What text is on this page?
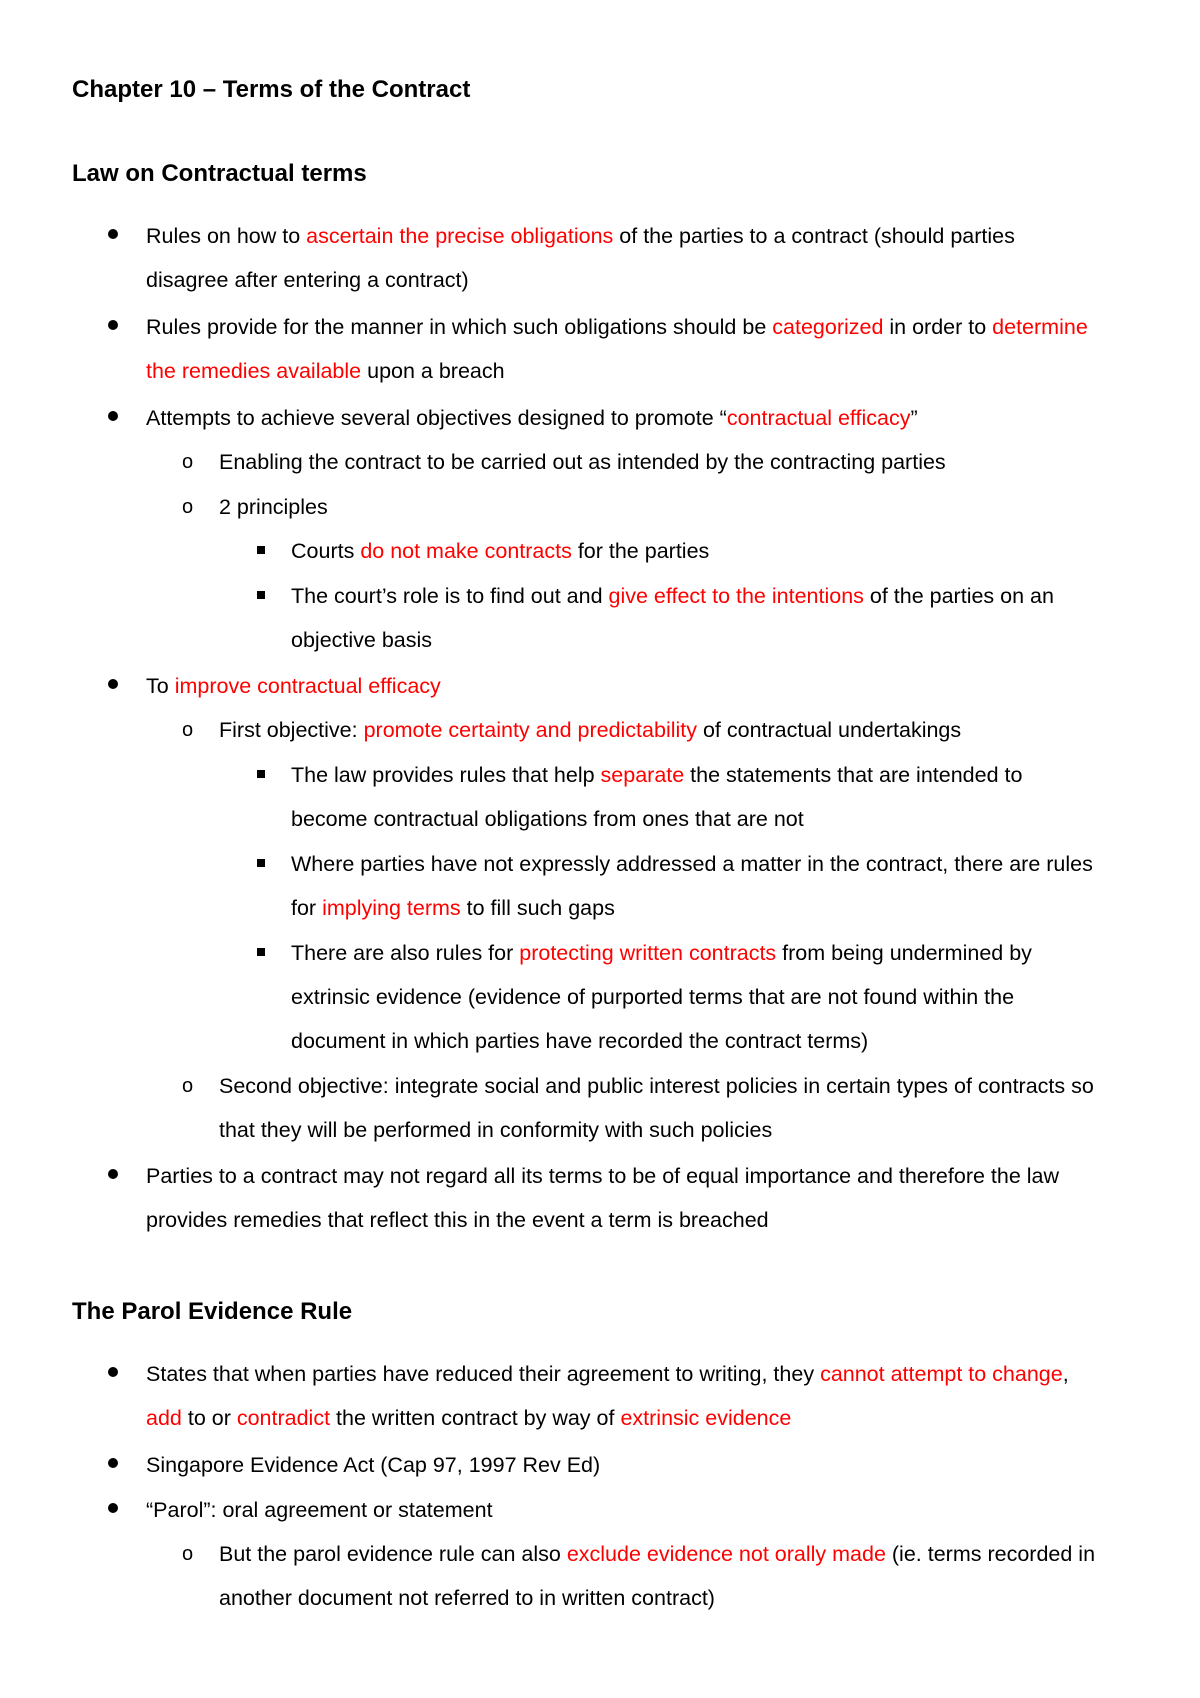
Chapter 10 – Terms of the Contract
Law on Contractual terms
Rules on how to ascertain the precise obligations of the parties to a contract (should parties
disagree after entering a contract)
Rules provide for the manner in which such obligations should be categorized in order to determine
the remedies available upon a breach
Attempts to achieve several objectives designed to promote “contractual efficacy”
o Enabling the contract to be carried out as intended by the contracting parties
o 2 principles
Courts do not make contracts for the parties
The court’s role is to find out and give effect to the intentions of the parties on an
objective basis
To improve contractual efficacy
o First objective: promote certainty and predictability of contractual undertakings
The law provides rules that help separate the statements that are intended to
become contractual obligations from ones that are not
Where parties have not expressly addressed a matter in the contract, there are rules
for implying terms to fill such gaps
There are also rules for protecting written contracts from being undermined by
extrinsic evidence (evidence of purported terms that are not found within the
document in which parties have recorded the contract terms)
o Second objective: integrate social and public interest policies in certain types of contracts so
that they will be performed in conformity with such policies
Parties to a contract may not regard all its terms to be of equal importance and therefore the law
provides remedies that reflect this in the event a term is breached
The Parol Evidence Rule
States that when parties have reduced their agreement to writing, they cannot attempt to change,
add to or contradict the written contract by way of extrinsic evidence
Singapore Evidence Act (Cap 97, 1997 Rev Ed)
“Parol”: oral agreement or statement
o But the parol evidence rule can also exclude evidence not orally made (ie. terms recorded in
another document not referred to in written contract)
